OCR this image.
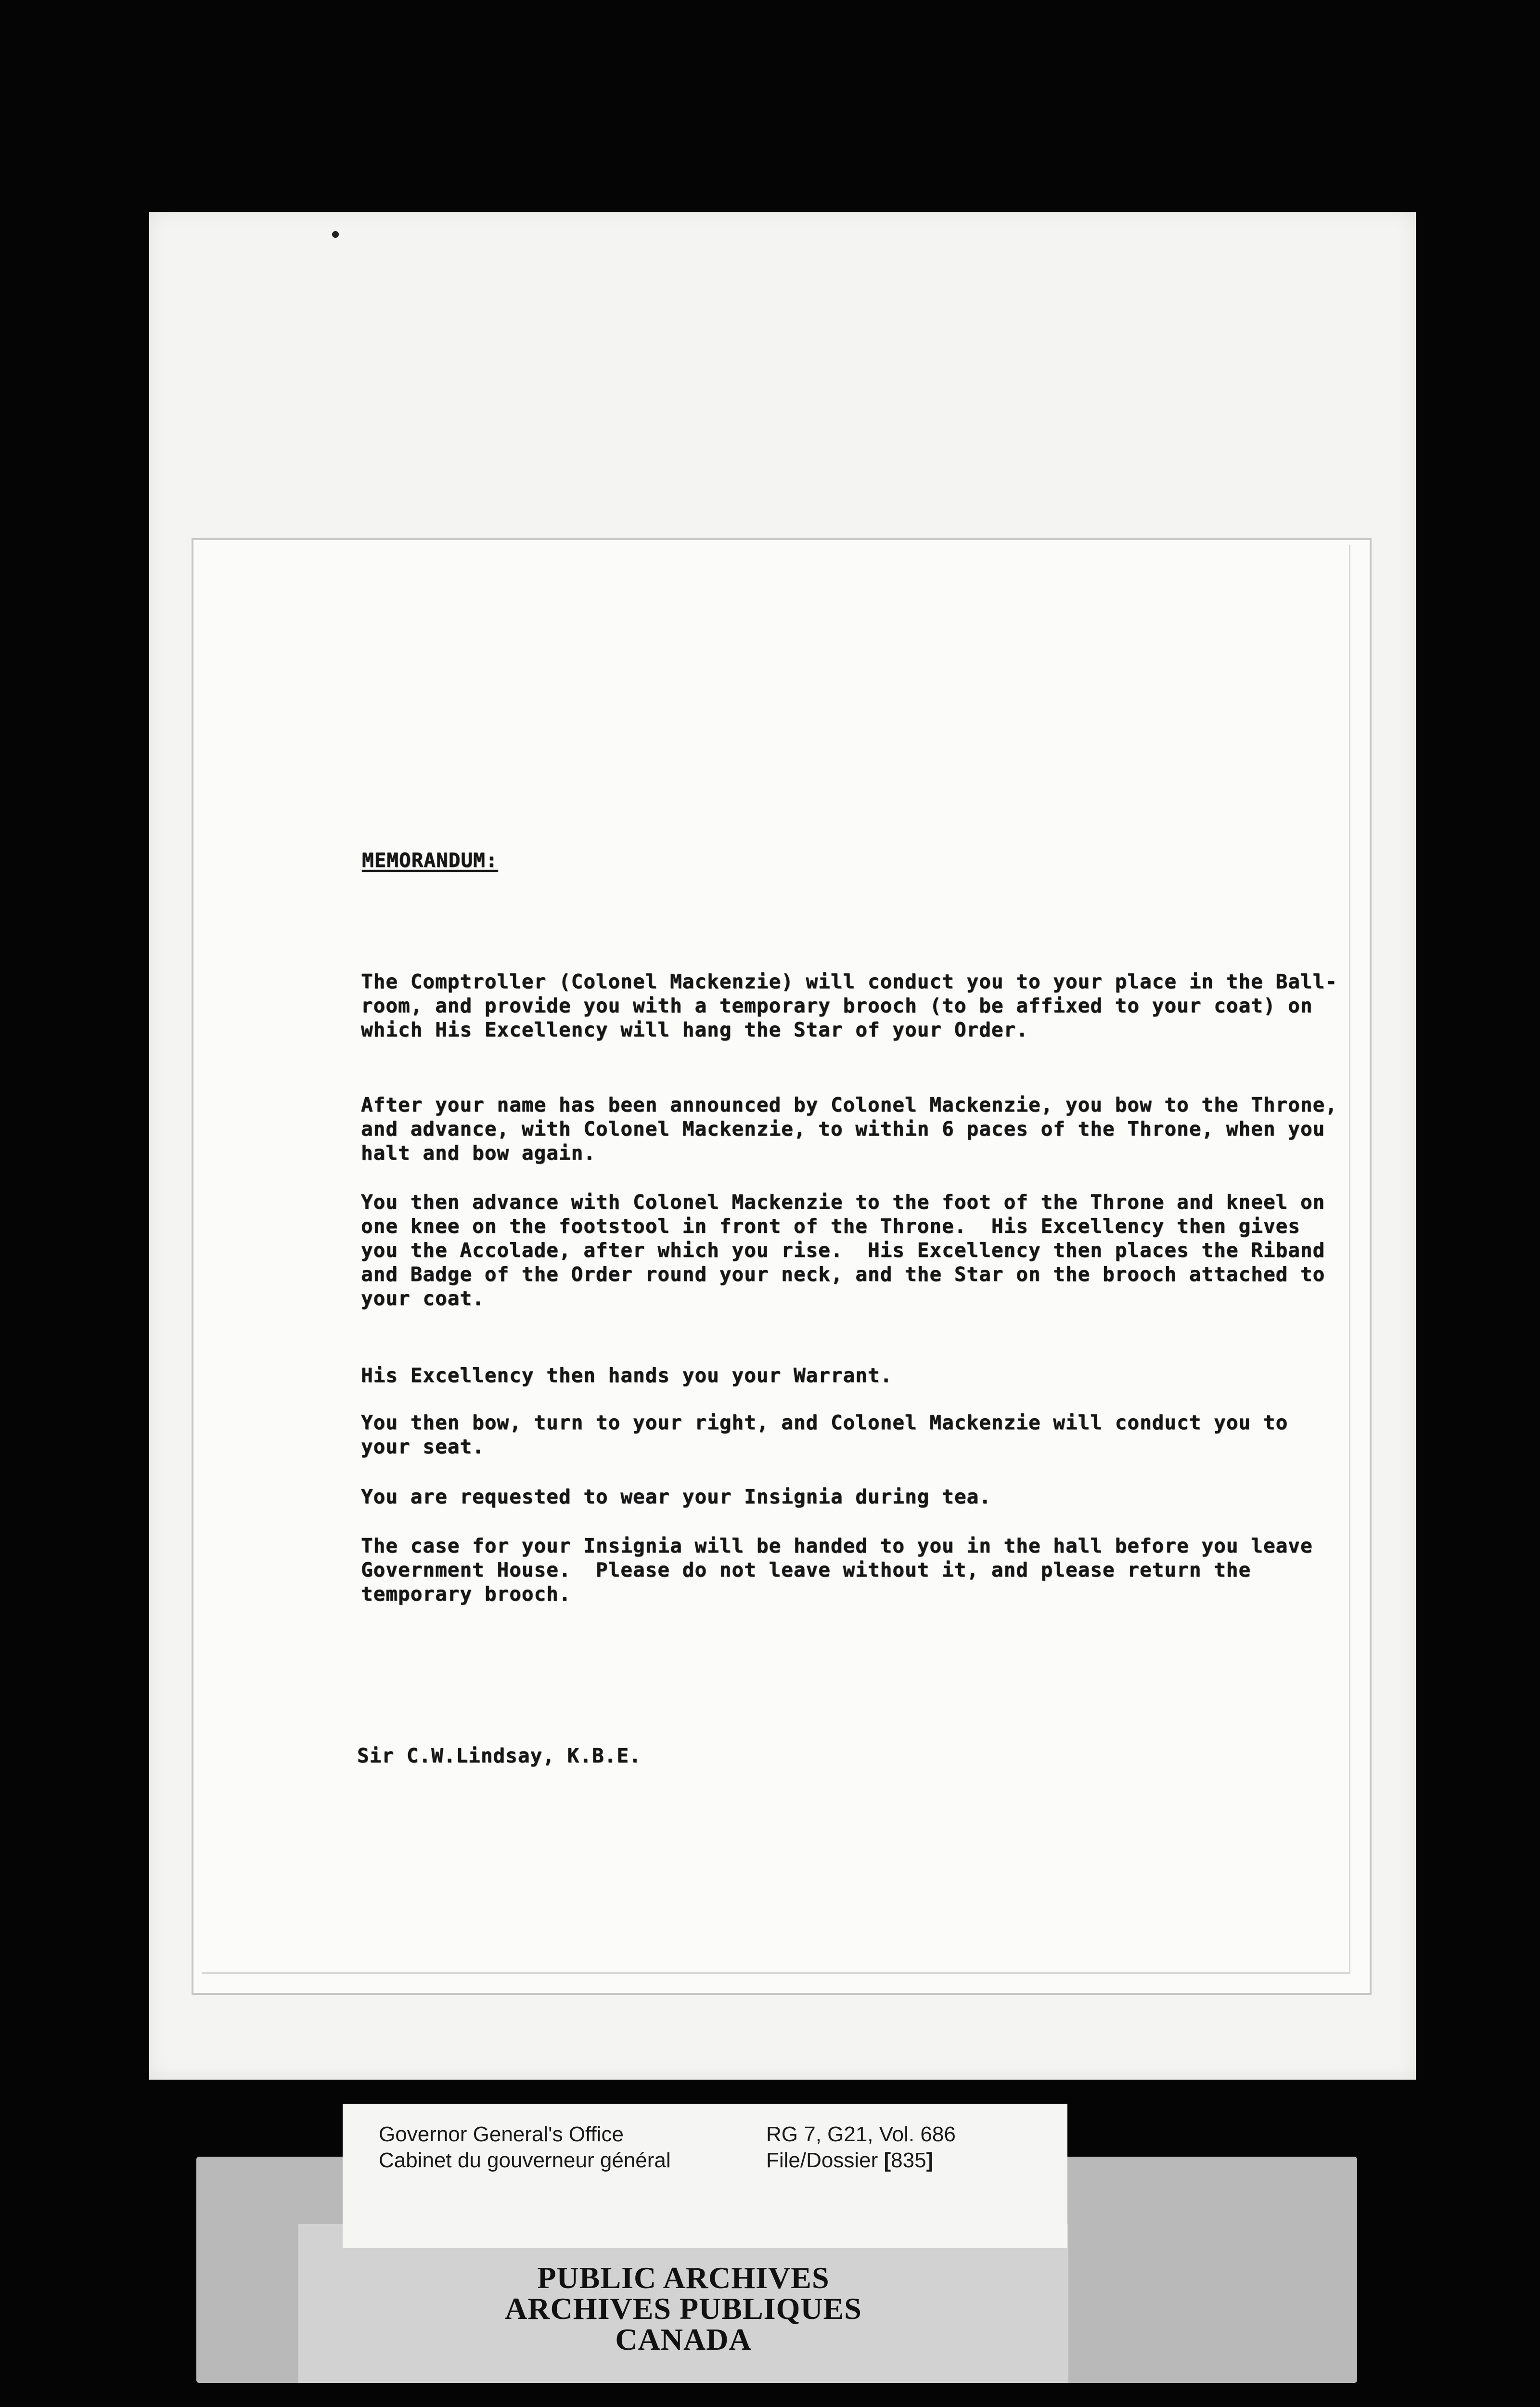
MEMORANDUM:

The Comptroller (Colonel Mackenzie) will conduct you to your place in the Ball-room, and provide you with a temporary brooch (to be affixed to your coat) on which His Excellency will hang the Star of your Order.

After your name has been announced by Colonel Mackenzie, you bow to the Throne, and advance, with Colonel Mackenzie, to within 6 paces of the Throne, when you halt and bow again.

You then advance with Colonel Mackenzie to the foot of the Throne and kneel on one knee on the footstool in front of the Throne.  His Excellency then gives you the Accolade, after which you rise.  His Excellency then places the Riband and Badge of the Order round your neck, and the Star on the brooch attached to your coat.

His Excellency then hands you your Warrant.

You then bow, turn to your right, and Colonel Mackenzie will conduct you to your seat.

You are requested to wear your Insignia during tea.

The case for your Insignia will be handed to you in the hall before you leave Government House.  Please do not leave without it, and please return the temporary brooch.

Sir C.W.Lindsay, K.B.E.
Governor General's Office
Cabinet du gouverneur général
RG 7, G21, Vol. 686
File/Dossier [835]
PUBLIC ARCHIVES
ARCHIVES PUBLIQUES
CANADA
